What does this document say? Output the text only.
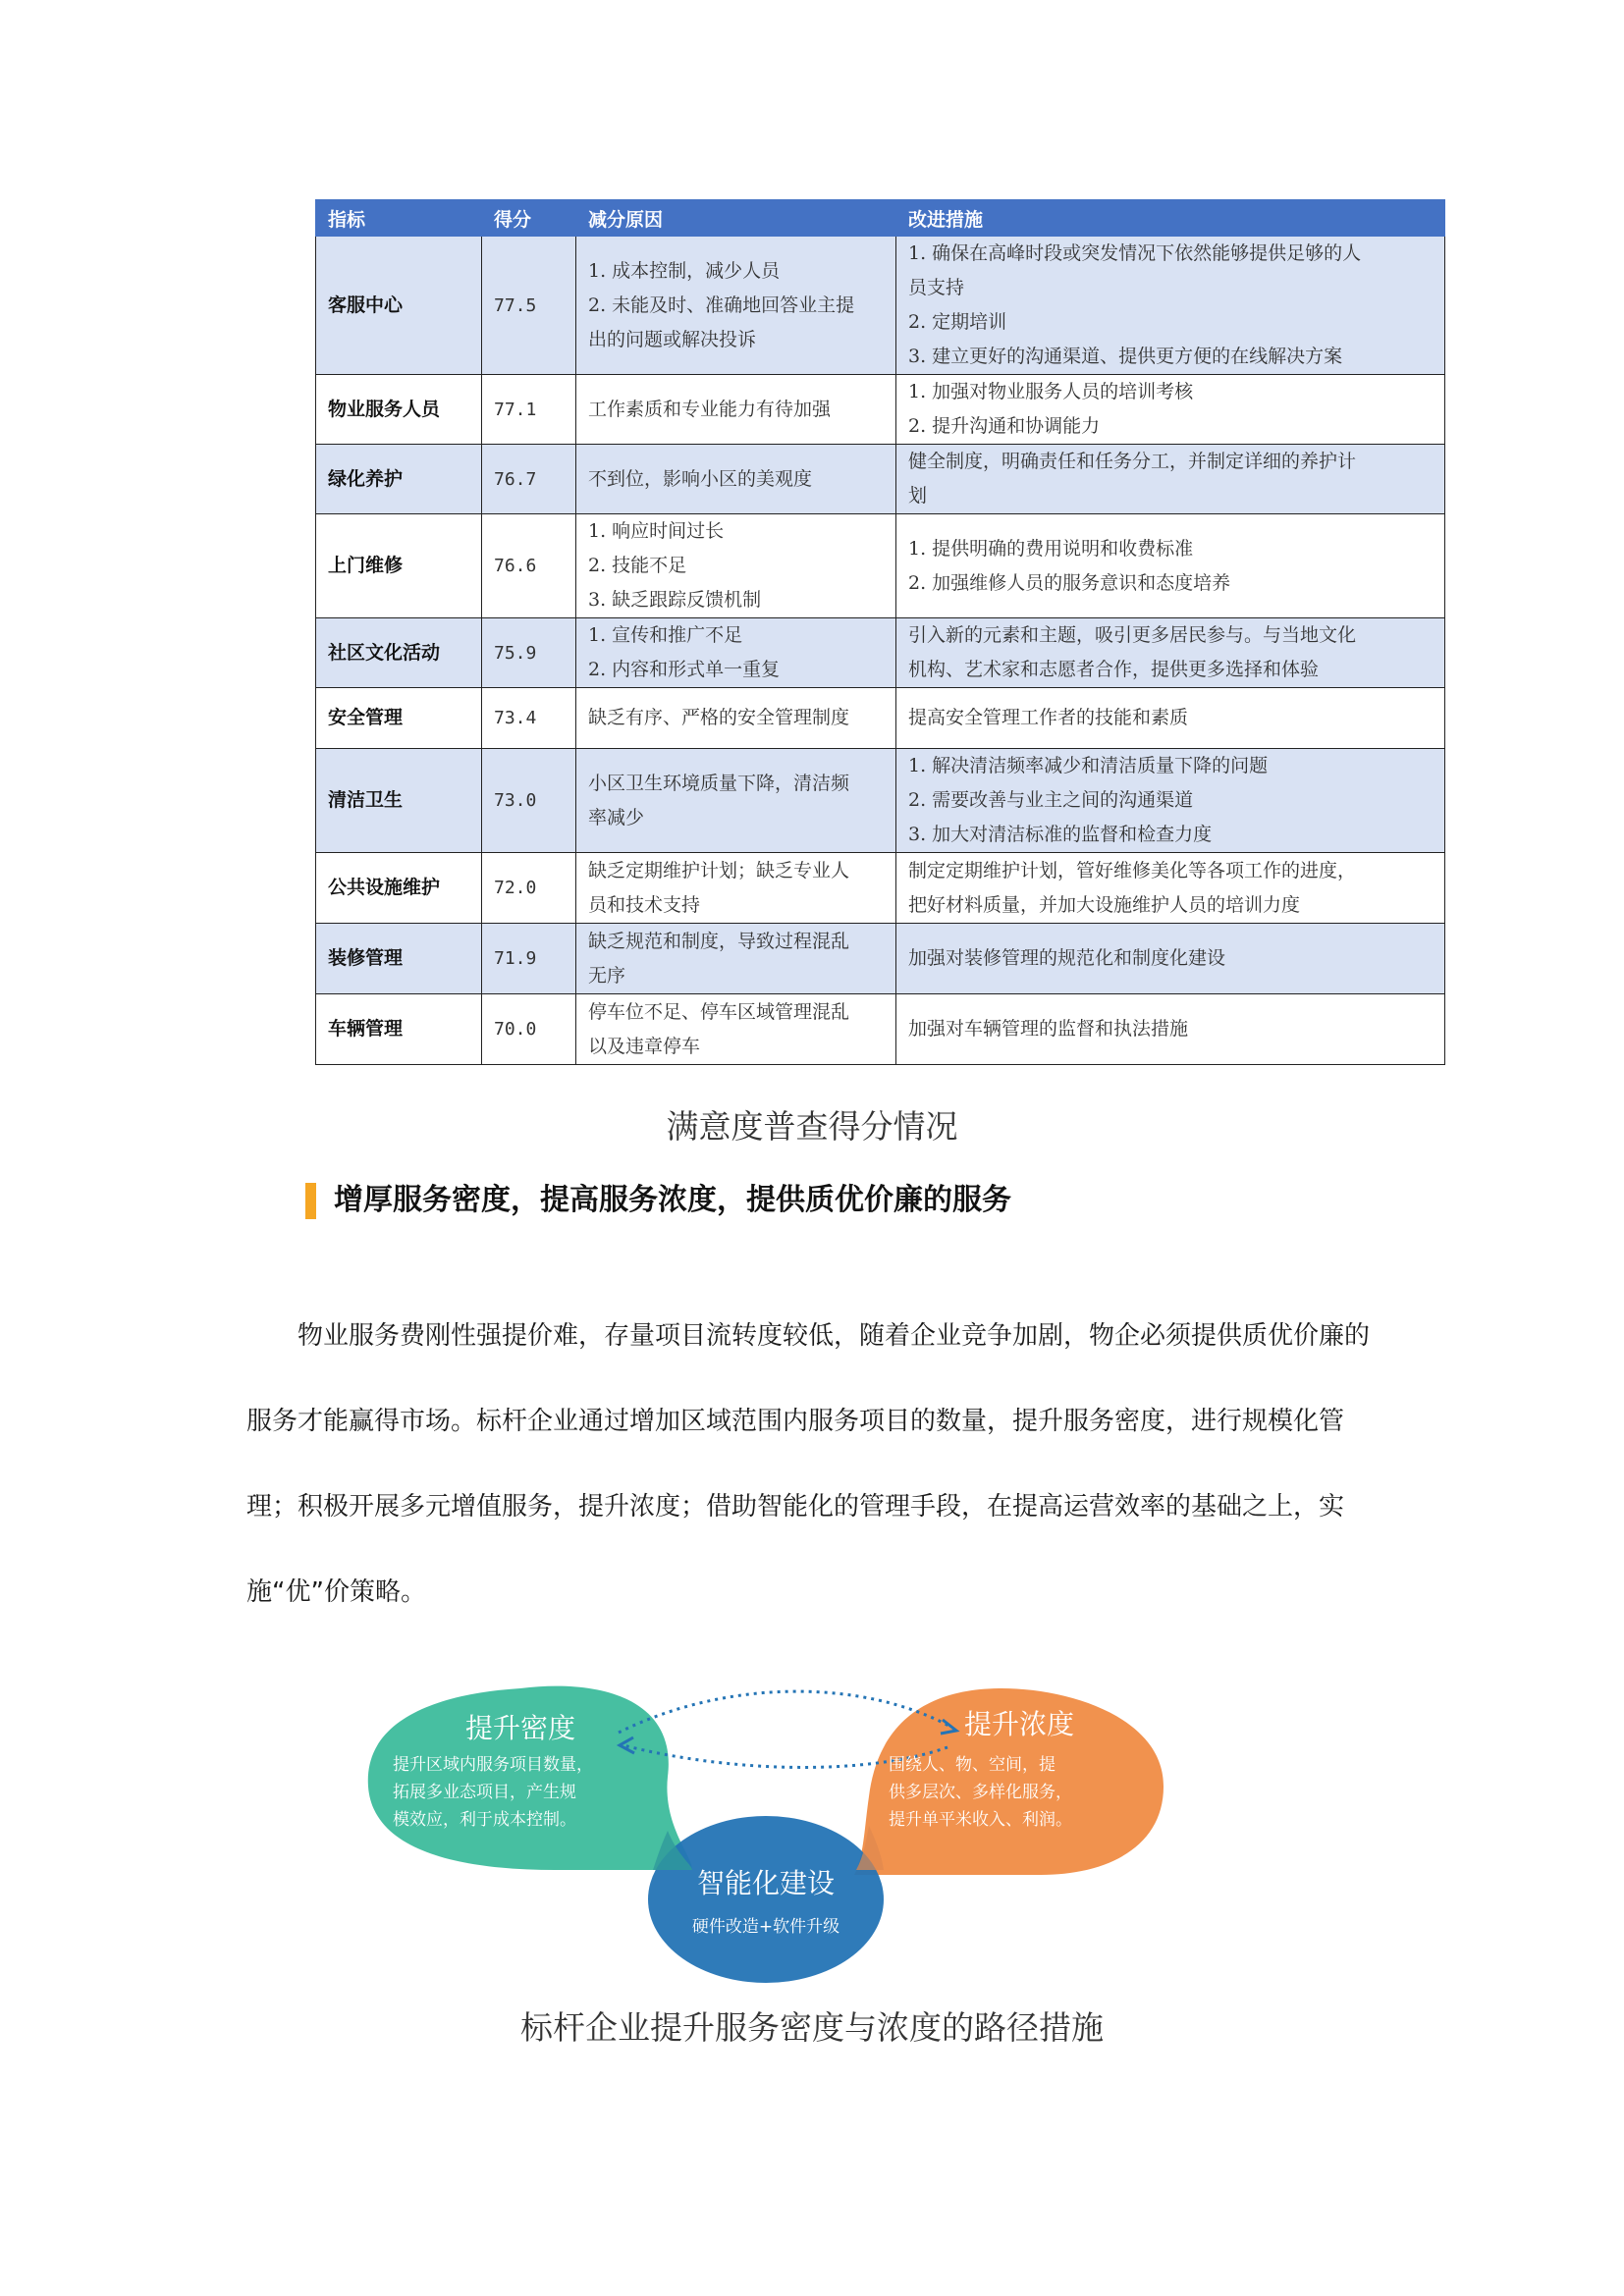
指标	得分	减分原因	改进措施
客服中心	77.5	1. 成本控制，减少人员
2. 未能及时、准确地回答业主提
出的问题或解决投诉	1. 确保在高峰时段或突发情况下依然能够提供足够的人
员支持
2. 定期培训
3. 建立更好的沟通渠道、提供更方便的在线解决方案

物业服务人员	77.1	工作素质和专业能力有待加强	1. 加强对物业服务人员的培训考核
2. 提升沟通和协调能力

绿化养护	76.7	不到位，影响小区的美观度	健全制度，明确责任和任务分工，并制定详细的养护计
划

上门维修	76.6	1. 响应时间过长
2. 技能不足
3. 缺乏跟踪反馈机制	1. 提供明确的费用说明和收费标准
2. 加强维修人员的服务意识和态度培养

社区文化活动	75.9	1. 宣传和推广不足
2. 内容和形式单一重复	引入新的元素和主题，吸引更多居民参与。与当地文化
机构、艺术家和志愿者合作，提供更多选择和体验

安全管理	73.4	缺乏有序、严格的安全管理制度	提高安全管理工作者的技能和素质

清洁卫生	73.0	小区卫生环境质量下降，清洁频
率减少	1. 解决清洁频率减少和清洁质量下降的问题
2. 需要改善与业主之间的沟通渠道
3. 加大对清洁标准的监督和检查力度

公共设施维护	72.0	缺乏定期维护计划；缺乏专业人
员和技术支持	制定定期维护计划，管好维修美化等各项工作的进度，
把好材料质量，并加大设施维护人员的培训力度

装修管理	71.9	缺乏规范和制度，导致过程混乱
无序	加强对装修管理的规范化和制度化建设

车辆管理	70.0	停车位不足、停车区域管理混乱
以及违章停车	加强对车辆管理的监督和执法措施
满意度普查得分情况
增厚服务密度，提高服务浓度，提供质优价廉的服务
物业服务费刚性强提价难，存量项目流转度较低，随着企业竞争加剧，物企必须提供质优价廉的服务才能赢得市场。标杆企业通过增加区域范围内服务项目的数量，提升服务密度，进行规模化管理；积极开展多元增值服务，提升浓度；借助智能化的管理手段，在提高运营效率的基础之上，实施“优”价策略。
提升密度
提升区域内服务项目数量，
拓展多业态项目，产生规
模效应，利于成本控制。
提升浓度
围绕人、物、空间，提
供多层次、多样化服务，
提升单平米收入、利润。
智能化建设
硬件改造+软件升级
标杆企业提升服务密度与浓度的路径措施
